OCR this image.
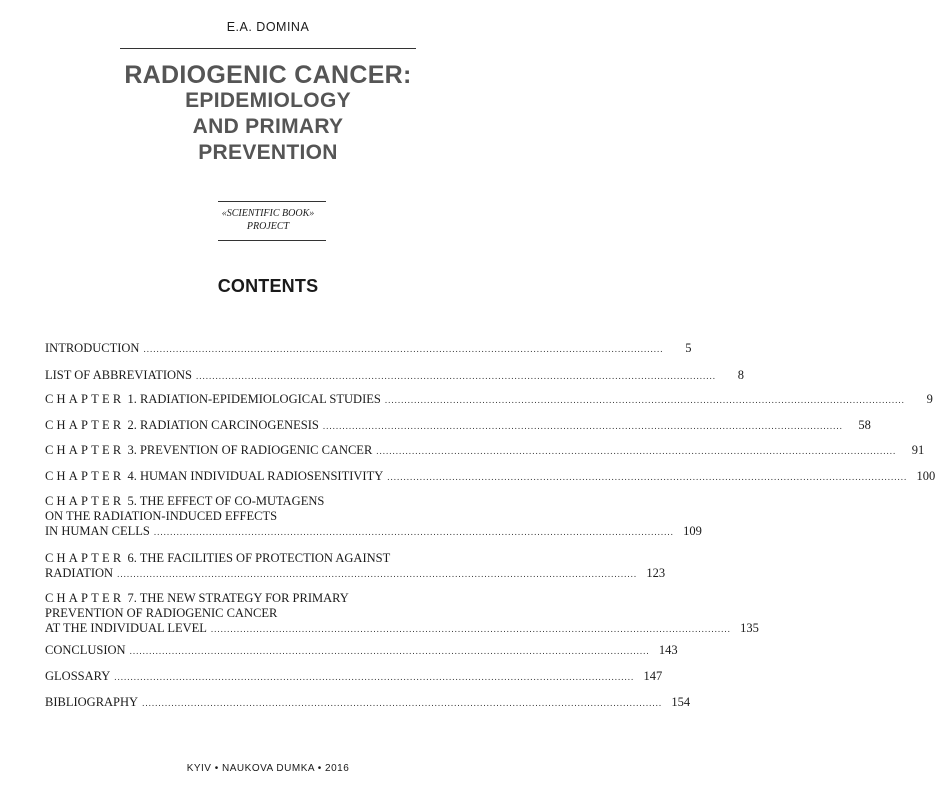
E.A. DOMINA
RADIOGENIC CANCER:
EPIDEMIOLOGY
AND PRIMARY
PREVENTION
«SCIENTIFIC BOOK»
PROJECT
CONTENTS
INTRODUCTION ................................................................................................................................................................	5
LIST OF ABBREVIATIONS ................................................................................................................................................................	8
CHAPTER 1. RADIATION-EPIDEMIOLOGICAL STUDIES ................................................................................................................................................................	9
CHAPTER 2. RADIATION CARCINOGENESIS ................................................................................................................................................................	58
CHAPTER 3. PREVENTION OF RADIOGENIC CANCER ................................................................................................................................................................	91
CHAPTER 4. HUMAN INDIVIDUAL RADIOSENSITIVITY ................................................................................................................................................................ 100
CHAPTER 5. THE EFFECT OF CO-MUTAGENS
ON THE RADIATION-INDUCED EFFECTS
IN HUMAN CELLS ................................................................................................................................................................ 109
CHAPTER 6. THE FACILITIES OF PROTECTION AGAINST
RADIATION ................................................................................................................................................................ 123
CHAPTER 7. THE NEW STRATEGY FOR PRIMARY
PREVENTION OF RADIOGENIC CANCER
AT THE INDIVIDUAL LEVEL ................................................................................................................................................................ 135
CONCLUSION ................................................................................................................................................................ 143
GLOSSARY ................................................................................................................................................................ 147
BIBLIOGRAPHY ................................................................................................................................................................ 154
KYIV • NAUKOVA DUMKA • 2016
